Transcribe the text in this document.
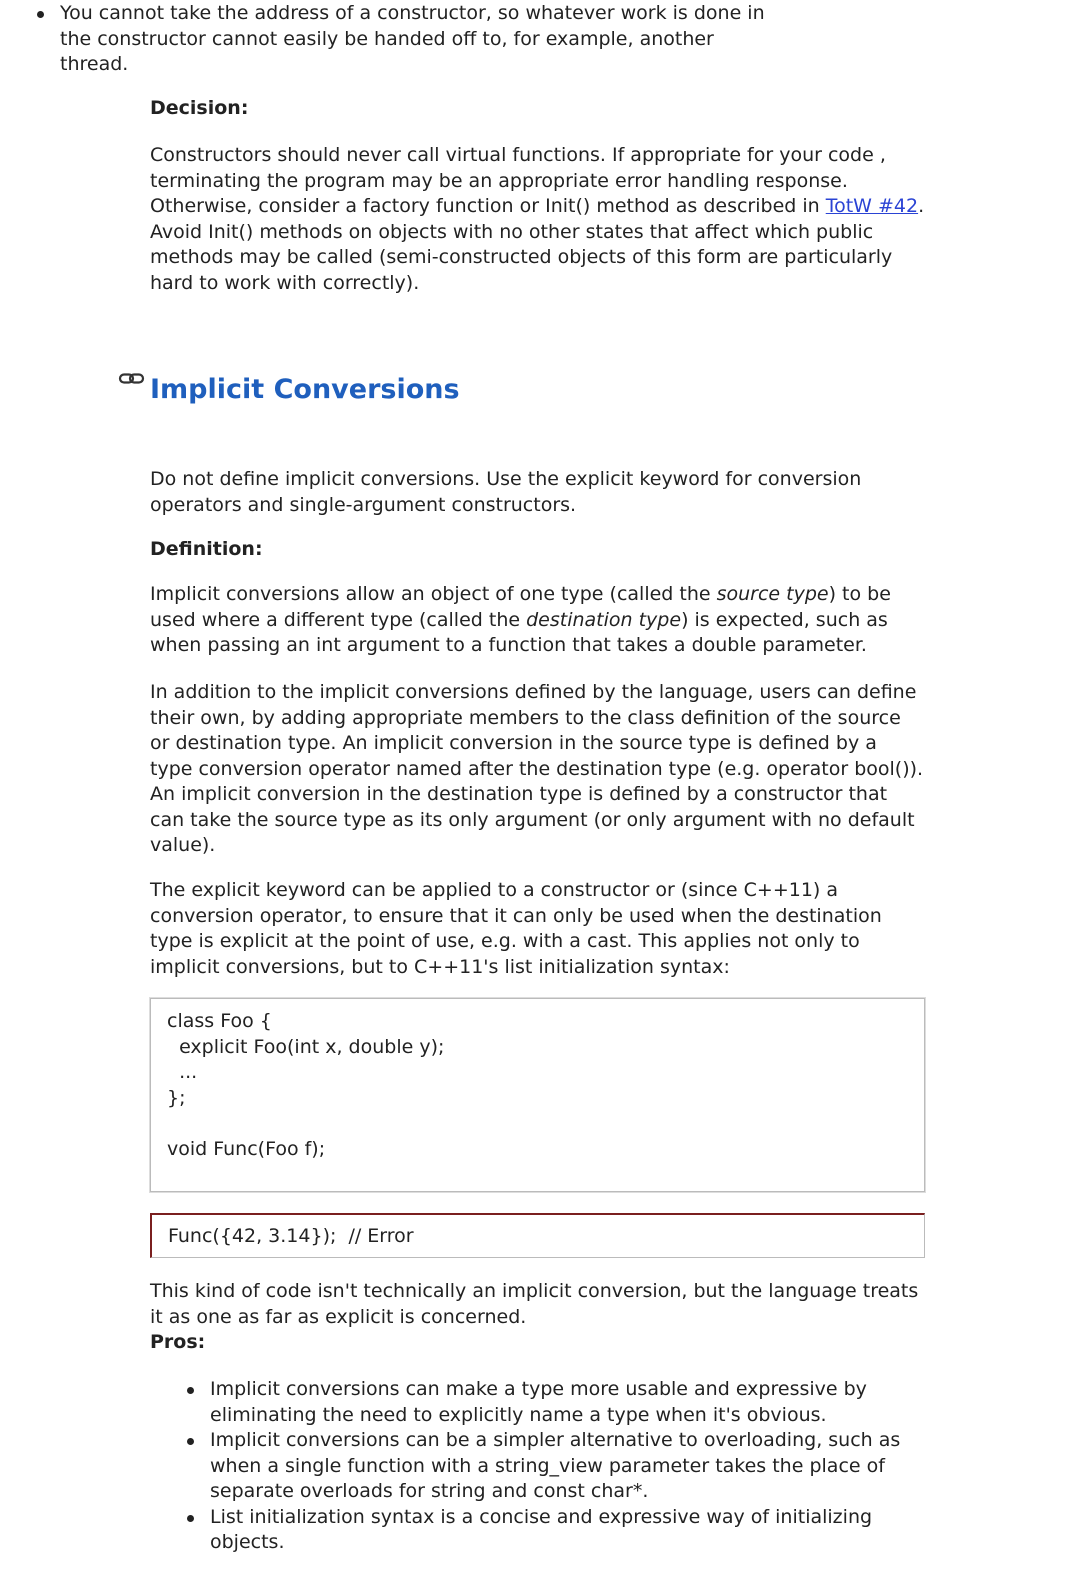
You cannot take the address of a constructor, so whatever work is done in the constructor cannot easily be handed off to, for example, another thread.

Decision:

Constructors should never call virtual functions. If appropriate for your code , terminating the program may be an appropriate error handling response. Otherwise, consider a factory function or Init() method as described in TotW #42. Avoid Init() methods on objects with no other states that affect which public methods may be called (semi-constructed objects of this form are particularly hard to work with correctly).

Do not define implicit conversions. Use the explicit keyword for conversion operators and single-argument constructors.

Definition:

Implicit conversions allow an object of one type (called the source type) to be used where a different type (called the destination type) is expected, such as when passing an int argument to a function that takes a double parameter.

In addition to the implicit conversions defined by the language, users can define their own, by adding appropriate members to the class definition of the source or destination type. An implicit conversion in the source type is defined by a type conversion operator named after the destination type (e.g. operator bool()). An implicit conversion in the destination type is defined by a constructor that can take the source type as its only argument (or only argument with no default value).

The explicit keyword can be applied to a constructor or (since C++11) a conversion operator, to ensure that it can only be used when the destination type is explicit at the point of use, e.g. with a cast. This applies not only to implicit conversions, but to C++11's list initialization syntax:

class Foo {
explicit Foo(int x, double y);
...
};

void Func(Foo f);
Func({42, 3.14});  // Error

This kind of code isn't technically an implicit conversion, but the language treats it as one as far as explicit is concerned.

Pros:

Implicit conversions can make a type more usable and expressive by eliminating the need to explicitly name a type when it's obvious.
Implicit conversions can be a simpler alternative to overloading, such as when a single function with a string_view parameter takes the place of separate overloads for string and const char*.
List initialization syntax is a concise and expressive way of initializing objects.
Implicit Conversions
